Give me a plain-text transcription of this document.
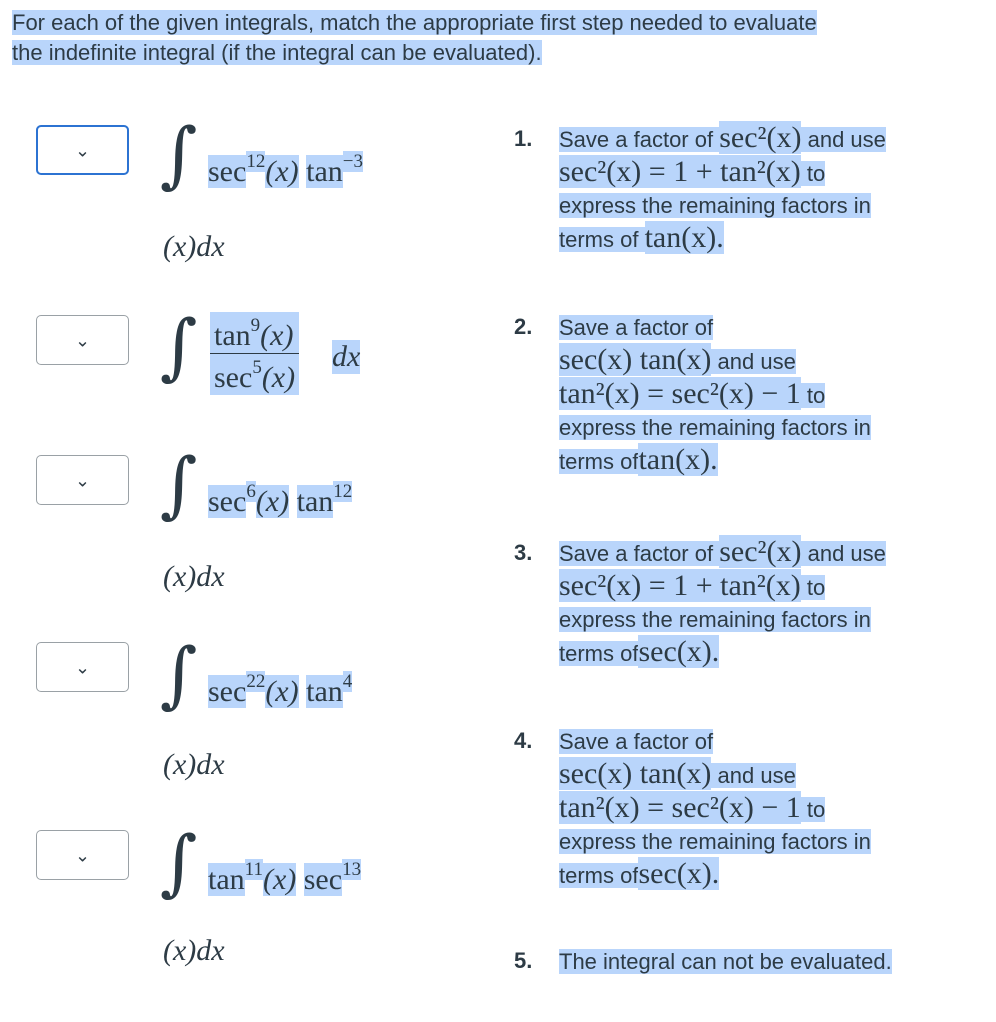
For each of the given integrals, match the appropriate first step needed to evaluate
the indefinite integral (if the integral can be evaluated).
⌄
⌄
⌄
⌄
⌄
∫ $\sec^{12}(x)$ $\tan^{-3}$
(x)dx
∫ $\tan^9(x)$
$\sec^5(x)$
dx
∫ $\sec^6(x)$ $\tan^{12}$
(x)dx
∫ $\sec^{22}(x)$ $\tan^4$
(x)dx
∫ $\tan^{11}(x)$ $\sec^{13}$
(x)dx
1. Save a factor of sec²(x) and use
sec²(x) = 1 + tan²(x) to
express the remaining factors in
terms of tan(x).
2. Save a factor of
sec(x) tan(x) and use
tan²(x) = sec²(x) − 1 to
express the remaining factors in
terms oftan(x).
3. Save a factor of sec²(x) and use
sec²(x) = 1 + tan²(x) to
express the remaining factors in
terms ofsec(x).
4. Save a factor of
sec(x) tan(x) and use
tan²(x) = sec²(x) − 1 to
express the remaining factors in
terms ofsec(x).
5. The integral can not be evaluated.
